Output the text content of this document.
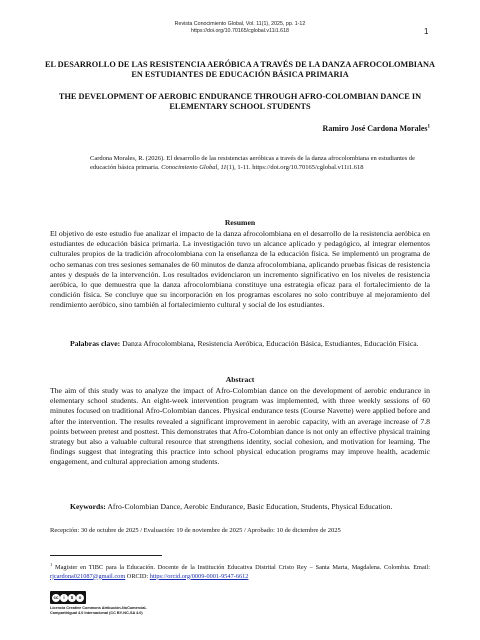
Revista Conocimiento Global, Vol. 11(1), 2025, pp. 1-12
https://doi.org/10.70165/cglobal.v11i1.618	1

EL DESARROLLO DE LAS RESISTENCIA AERÓBICA A TRAVÉS DE LA DANZA AFROCOLOMBIANA EN ESTUDIANTES DE EDUCACIÓN BÁSICA PRIMARIA

THE DEVELOPMENT OF AEROBIC ENDURANCE THROUGH AFRO-COLOMBIAN DANCE IN ELEMENTARY SCHOOL STUDENTS

Ramiro José Cardona Morales$^1$

Cardona Morales, R. (2026). El desarrollo de las resistencias aeróbicas a través de la danza afrocolombiana en estudiantes de educación básica primaria. Conocimiento Global, 11(1), 1-11. https://doi.org/10.70165/cglobal.v11i1.618

Resumen

El objetivo de este estudio fue analizar el impacto de la danza afrocolombiana en el desarrollo de la resistencia aeróbica en estudiantes de educación básica primaria. La investigación tuvo un alcance aplicado y pedagógico, al integrar elementos culturales propios de la tradición afrocolombiana con la enseñanza de la educación física. Se implementó un programa de ocho semanas con tres sesiones semanales de 60 minutos de danza afrocolombiana, aplicando pruebas físicas de resistencia antes y después de la intervención. Los resultados evidenciaron un incremento significativo en los niveles de resistencia aeróbica, lo que demuestra que la danza afrocolombiana constituye una estrategia eficaz para el fortalecimiento de la condición física. Se concluye que su incorporación en los programas escolares no solo contribuye al mejoramiento del rendimiento aeróbico, sino también al fortalecimiento cultural y social de los estudiantes.

Palabras clave: Danza Afrocolombiana, Resistencia Aeróbica, Educación Básica, Estudiantes, Educación Física.

Abstract

The aim of this study was to analyze the impact of Afro-Colombian dance on the development of aerobic endurance in elementary school students. An eight-week intervention program was implemented, with three weekly sessions of 60 minutes focused on traditional Afro-Colombian dances. Physical endurance tests (Course Navette) were applied before and after the intervention. The results revealed a significant improvement in aerobic capacity, with an average increase of 7.8 points between pretest and posttest. This demonstrates that Afro-Colombian dance is not only an effective physical training strategy but also a valuable cultural resource that strengthens identity, social cohesion, and motivation for learning. The findings suggest that integrating this practice into school physical education programs may improve health, academic engagement, and cultural appreciation among students.

Keywords: Afro-Colombian Dance, Aerobic Endurance, Basic Education, Students, Physical Education.

Recepción: 30 de octubre de 2025 / Evaluación: 19 de noviembre de 2025 / Aprobado: 10 de diciembre de 2025

$^1$ Magister en TIBC para la Educación. Docente de la Institución Educativa Distrital Cristo Rey – Santa Marta, Magdalena. Colombia. Email: rjcardona021087@gmail.com ORCID: https://orcid.org/0009-0001-9547-6612

cc	i	$	o

Licencia Creative Commons Atribución-NoComercial-
CompartirIgual 4.0 Internacional (CC BY-NC-SA 4.0)
